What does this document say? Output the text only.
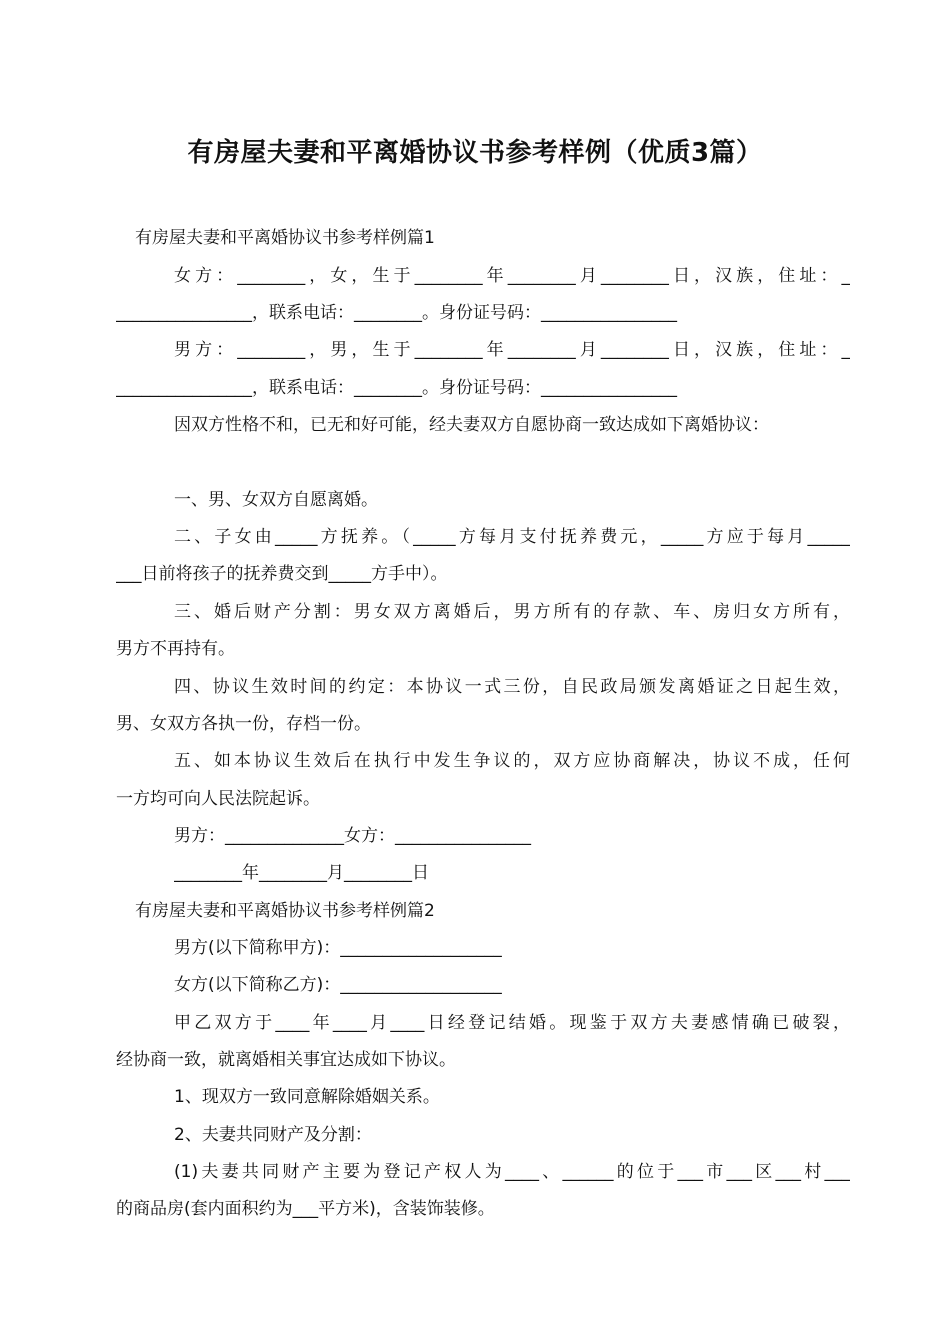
有房屋夫妻和平离婚协议书参考样例（优质3篇）
有房屋夫妻和平离婚协议书参考样例篇1
女方：________，女，生于________年________月________日，汉族，住址：_
________________，联系电话：________。身份证号码：________________
男方：________，男，生于________年________月________日，汉族，住址：_
________________，联系电话：________。身份证号码：________________
因双方性格不和，已无和好可能，经夫妻双方自愿协商一致达成如下离婚协议：
一、男、女双方自愿离婚。
二、子女由_____方抚养。（_____方每月支付抚养费元，_____方应于每月_____
___日前将孩子的抚养费交到_____方手中）。
三、婚后财产分割：男女双方离婚后，男方所有的存款、车、房归女方所有，
男方不再持有。
四、协议生效时间的约定：本协议一式三份，自民政局颁发离婚证之日起生效，
男、女双方各执一份，存档一份。
五、如本协议生效后在执行中发生争议的，双方应协商解决，协议不成，任何
一方均可向人民法院起诉。
男方：______________女方：________________
________年________月________日
有房屋夫妻和平离婚协议书参考样例篇2
男方(以下简称甲方)：___________________
女方(以下简称乙方)：___________________
甲乙双方于____年____月____日经登记结婚。现鉴于双方夫妻感情确已破裂，
经协商一致，就离婚相关事宜达成如下协议。
1、现双方一致同意解除婚姻关系。
2、夫妻共同财产及分割：
(1)夫妻共同财产主要为登记产权人为____、______的位于___市___区___村___
的商品房(套内面积约为___平方米)，含装饰装修。
